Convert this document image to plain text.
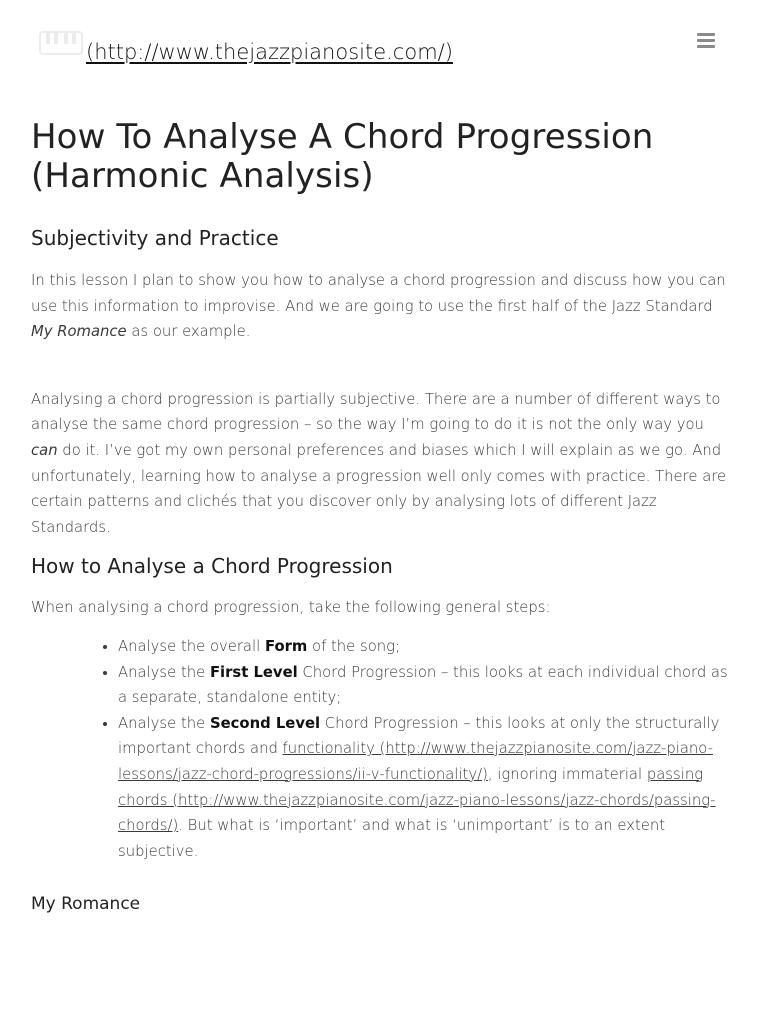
(http://www.thejazzpianosite.com/)
How To Analyse A Chord Progression (Harmonic Analysis)
Subjectivity and Practice

In this lesson I plan to show you how to analyse a chord progression and discuss how you can use this information to improvise. And we are going to use the first half of the Jazz Standard My Romance as our example.

Analysing a chord progression is partially subjective. There are a number of different ways to analyse the same chord progression – so the way I’m going to do it is not the only way you can do it. I’ve got my own personal preferences and biases which I will explain as we go. And unfortunately, learning how to analyse a progression well only comes with practice. There are certain patterns and clichés that you discover only by analysing lots of different Jazz Standards.

How to Analyse a Chord Progression

When analysing a chord progression, take the following general steps:

• Analyse the overall Form of the song;
• Analyse the First Level Chord Progression – this looks at each individual chord as a separate, standalone entity;
• Analyse the Second Level Chord Progression – this looks at only the structurally important chords and functionality (http://www.thejazzpianosite.com/jazz-piano-lessons/jazz-chord-progressions/ii-v-functionality/), ignoring immaterial passing chords (http://www.thejazzpianosite.com/jazz-piano-lessons/jazz-chords/passing-chords/). But what is ‘important’ and what is ‘unimportant’ is to an extent subjective.
My Romance
